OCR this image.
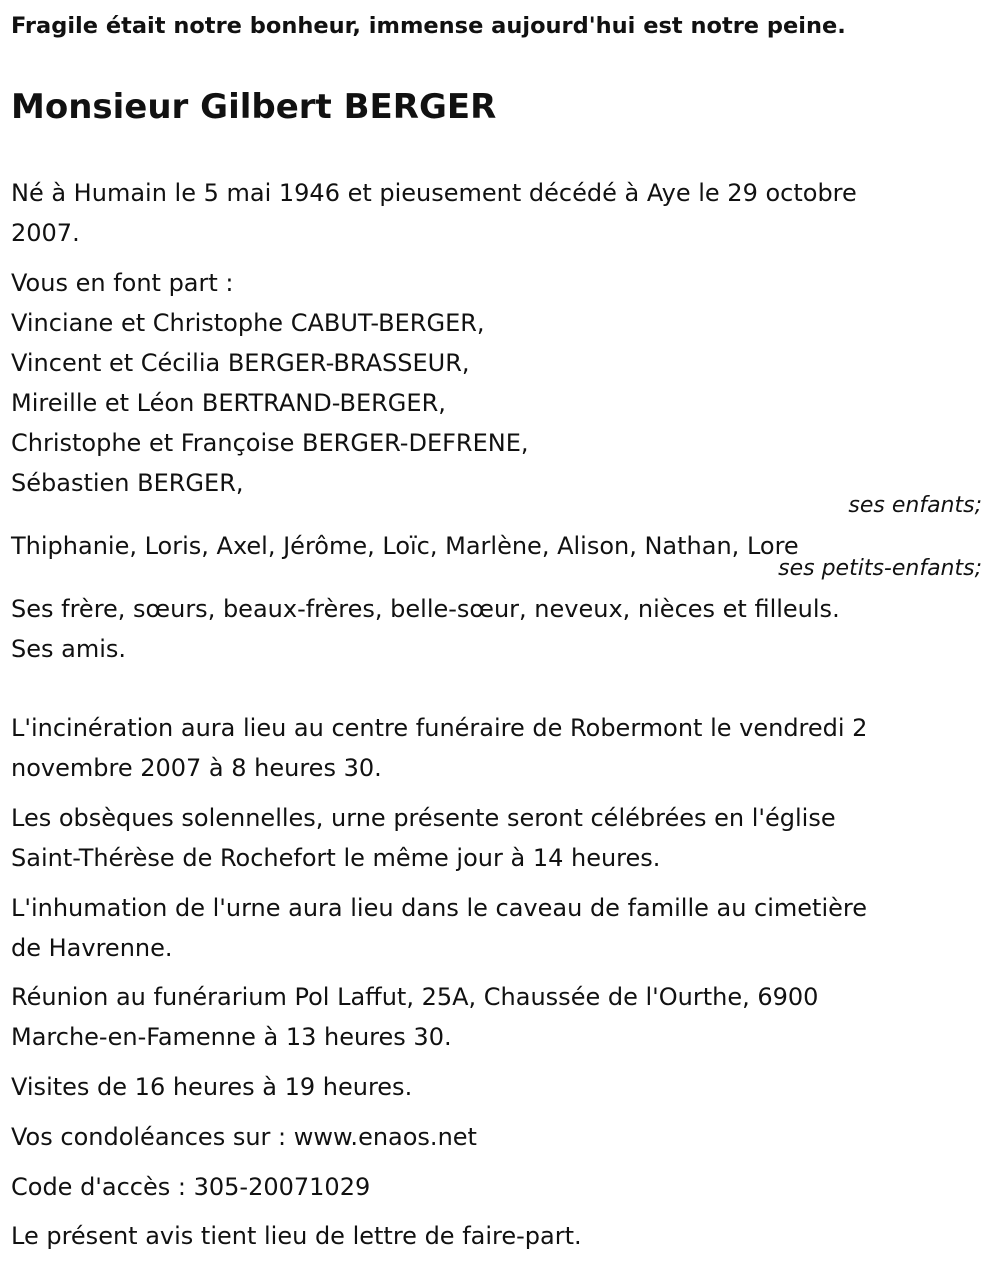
Fragile était notre bonheur, immense aujourd'hui est notre peine.
Monsieur Gilbert BERGER
Né à Humain le 5 mai 1946 et pieusement décédé à Aye le 29 octobre
2007.
Vous en font part :
Vinciane et Christophe CABUT-BERGER,
Vincent et Cécilia BERGER-BRASSEUR,
Mireille et Léon BERTRAND-BERGER,
Christophe et Françoise BERGER-DEFRENE,
Sébastien BERGER,
ses enfants;
Thiphanie, Loris, Axel, Jérôme, Loïc, Marlène, Alison, Nathan, Lore
ses petits-enfants;
Ses frère, sœurs, beaux-frères, belle-sœur, neveux, nièces et filleuls.
Ses amis.
L'incinération aura lieu au centre funéraire de Robermont le vendredi 2
novembre 2007 à 8 heures 30.
Les obsèques solennelles, urne présente seront célébrées en l'église
Saint-Thérèse de Rochefort le même jour à 14 heures.
L'inhumation de l'urne aura lieu dans le caveau de famille au cimetière
de Havrenne.
Réunion au funérarium Pol Laffut, 25A, Chaussée de l'Ourthe, 6900
Marche-en-Famenne à 13 heures 30.
Visites de 16 heures à 19 heures.
Vos condoléances sur : www.enaos.net
Code d'accès : 305-20071029
Le présent avis tient lieu de lettre de faire-part.
